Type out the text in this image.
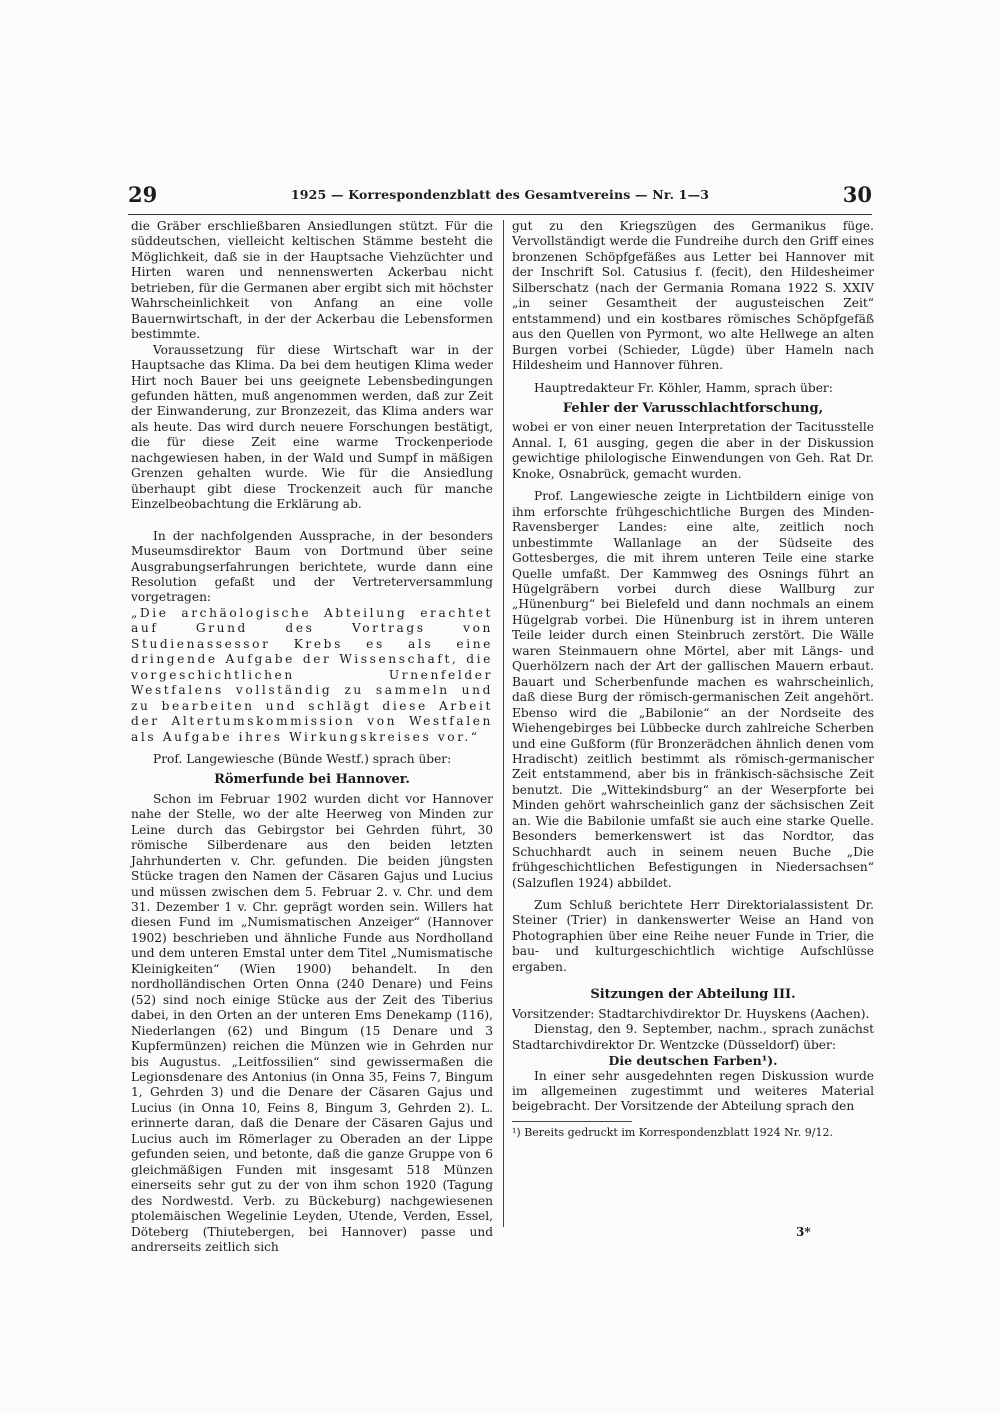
29	1925 — Korrespondenzblatt des Gesamtvereins — Nr. 1—3	30

die Gräber erschließbaren Ansiedlungen stützt. Für die süddeutschen, vielleicht keltischen Stämme besteht die Möglichkeit, daß sie in der Hauptsache Viehzüchter und Hirten waren und nennenswerten Ackerbau nicht betrieben, für die Germanen aber ergibt sich mit höchster Wahrscheinlichkeit von Anfang an eine volle Bauernwirtschaft, in der der Ackerbau die Lebensformen bestimmte.

Voraussetzung für diese Wirtschaft war in der Hauptsache das Klima. Da bei dem heutigen Klima weder Hirt noch Bauer bei uns geeignete Lebensbedingungen gefunden hätten, muß angenommen werden, daß zur Zeit der Einwanderung, zur Bronzezeit, das Klima anders war als heute. Das wird durch neuere Forschungen bestätigt, die für diese Zeit eine warme Trockenperiode nachgewiesen haben, in der Wald und Sumpf in mäßigen Grenzen gehalten wurde. Wie für die Ansiedlung überhaupt gibt diese Trockenzeit auch für manche Einzelbeobachtung die Erklärung ab.

In der nachfolgenden Aussprache, in der besonders Museumsdirektor Baum von Dortmund über seine Ausgrabungserfahrungen berichtete, wurde dann eine Resolution gefaßt und der Vertreterversammlung vorgetragen:

„Die archäologische Abteilung erachtet auf Grund des Vortrags von Studienassessor Krebs es als eine dringende Aufgabe der Wissenschaft, die vorgeschichtlichen Urnenfelder Westfalens vollständig zu sammeln und zu bearbeiten und schlägt diese Arbeit der Altertumskommission von Westfalen als Aufgabe ihres Wirkungskreises vor.“

Prof. Langewiesche (Bünde Westf.) sprach über:

Römerfunde bei Hannover.

Schon im Februar 1902 wurden dicht vor Hannover nahe der Stelle, wo der alte Heerweg von Minden zur Leine durch das Gebirgstor bei Gehrden führt, 30 römische Silberdenare aus den beiden letzten Jahrhunderten v. Chr. gefunden. Die beiden jüngsten Stücke tragen den Namen der Cäsaren Gajus und Lucius und müssen zwischen dem 5. Februar 2. v. Chr. und dem 31. Dezember 1 v. Chr. geprägt worden sein. Willers hat diesen Fund im „Numismatischen Anzeiger“ (Hannover 1902) beschrieben und ähnliche Funde aus Nordholland und dem unteren Emstal unter dem Titel „Numismatische Kleinigkeiten“ (Wien 1900) behandelt. In den nordholländischen Orten Onna (240 Denare) und Feins (52) sind noch einige Stücke aus der Zeit des Tiberius dabei, in den Orten an der unteren Ems Denekamp (116), Niederlangen (62) und Bingum (15 Denare und 3 Kupfermünzen) reichen die Münzen wie in Gehrden nur bis Augustus. „Leitfossilien“ sind gewissermaßen die Legionsdenare des Antonius (in Onna 35, Feins 7, Bingum 1, Gehrden 3) und die Denare der Cäsaren Gajus und Lucius (in Onna 10, Feins 8, Bingum 3, Gehrden 2). L. erinnerte daran, daß die Denare der Cäsaren Gajus und Lucius auch im Römerlager zu Oberaden an der Lippe gefunden seien, und betonte, daß die ganze Gruppe von 6 gleichmäßigen Funden mit insgesamt 518 Münzen einerseits sehr gut zu der von ihm schon 1920 (Tagung des Nordwestd. Verb. zu Bückeburg) nachgewiesenen ptolemäischen Wegelinie Leyden, Utende, Verden, Essel, Döteberg (Thiutebergen, bei Hannover) passe und andrerseits zeitlich sich

gut zu den Kriegszügen des Germanikus füge. Vervollständigt werde die Fundreihe durch den Griff eines bronzenen Schöpfgefäßes aus Letter bei Hannover mit der Inschrift Sol. Catusius f. (fecit), den Hildesheimer Silberschatz (nach der Germania Romana 1922 S. XXIV „in seiner Gesamtheit der augusteischen Zeit“ entstammend) und ein kostbares römisches Schöpfgefäß aus den Quellen von Pyrmont, wo alte Hellwege an alten Burgen vorbei (Schieder, Lügde) über Hameln nach Hildesheim und Hannover führen.

Hauptredakteur Fr. Köhler, Hamm, sprach über:

Fehler der Varusschlachtforschung,

wobei er von einer neuen Interpretation der Tacitusstelle Annal. I, 61 ausging, gegen die aber in der Diskussion gewichtige philologische Einwendungen von Geh. Rat Dr. Knoke, Osnabrück, gemacht wurden.

Prof. Langewiesche zeigte in Lichtbildern einige von ihm erforschte frühgeschichtliche Burgen des Minden-Ravensberger Landes: eine alte, zeitlich noch unbestimmte Wallanlage an der Südseite des Gottesberges, die mit ihrem unteren Teile eine starke Quelle umfaßt. Der Kammweg des Osnings führt an Hügelgräbern vorbei durch diese Wallburg zur „Hünenburg“ bei Bielefeld und dann nochmals an einem Hügelgrab vorbei. Die Hünenburg ist in ihrem unteren Teile leider durch einen Steinbruch zerstört. Die Wälle waren Steinmauern ohne Mörtel, aber mit Längs- und Querhölzern nach der Art der gallischen Mauern erbaut. Bauart und Scherbenfunde machen es wahrscheinlich, daß diese Burg der römisch-germanischen Zeit angehört. Ebenso wird die „Babilonie“ an der Nordseite des Wiehengebirges bei Lübbecke durch zahlreiche Scherben und eine Gußform (für Bronzerädchen ähnlich denen vom Hradischt) zeitlich bestimmt als römisch-germanischer Zeit entstammend, aber bis in fränkisch-sächsische Zeit benutzt. Die „Wittekindsburg“ an der Weserpforte bei Minden gehört wahrscheinlich ganz der sächsischen Zeit an. Wie die Babilonie umfaßt sie auch eine starke Quelle. Besonders bemerkenswert ist das Nordtor, das Schuchhardt auch in seinem neuen Buche „Die frühgeschichtlichen Befestigungen in Niedersachsen“ (Salzuflen 1924) abbildet.

Zum Schluß berichtete Herr Direktorialassistent Dr. Steiner (Trier) in dankenswerter Weise an Hand von Photographien über eine Reihe neuer Funde in Trier, die bau- und kulturgeschichtlich wichtige Aufschlüsse ergaben.

Sitzungen der Abteilung III.

Vorsitzender: Stadtarchivdirektor Dr. Huyskens (Aachen).

Dienstag, den 9. September, nachm., sprach zunächst Stadtarchivdirektor Dr. Wentzcke (Düsseldorf) über:

Die deutschen Farben¹).

In einer sehr ausgedehnten regen Diskussion wurde im allgemeinen zugestimmt und weiteres Material beigebracht. Der Vorsitzende der Abteilung sprach den

¹) Bereits gedruckt im Korrespondenzblatt 1924 Nr. 9/12.

3*
